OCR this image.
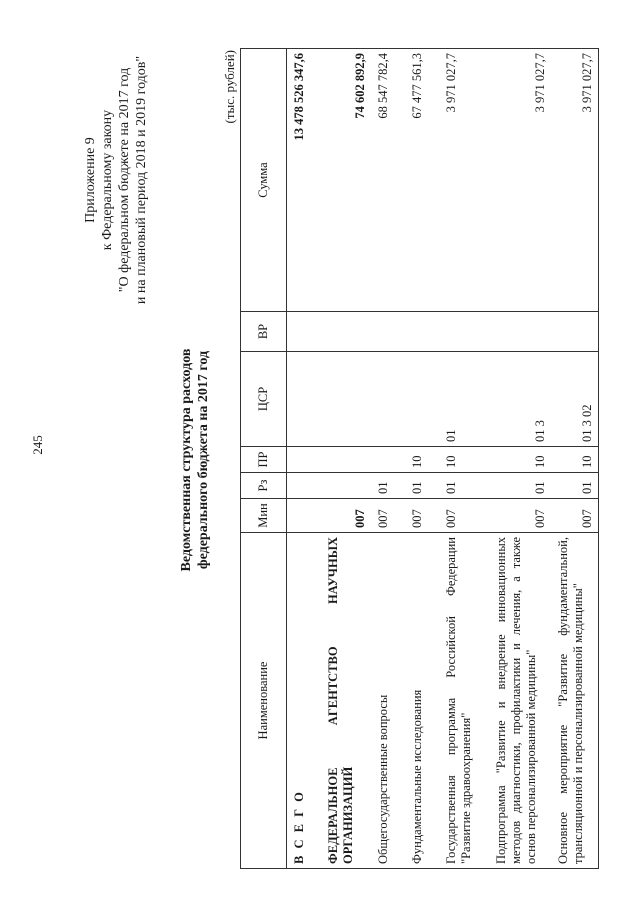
245
Приложение 9 к Федеральному закону "О федеральном бюджете на 2017 год и на плановый период 2018 и 2019 годов"
Ведомственная структура расходов федерального бюджета на 2017 год
(тыс. рублей)
Наименование	Мин	Рз	ПР	ЦСР	ВР	Сумма
В С Е Г О						13 478 526 347,6
ФЕДЕРАЛЬНОЕ АГЕНТСТВО НАУЧНЫХ ОРГАНИЗАЦИЙ	007					74 602 892,9
Общегосударственные вопросы	007	01				68 547 782,4
Фундаментальные исследования	007	01	10			67 477 561,3
Государственная программа Российской Федерации "Развитие здравоохранения"	007	01	10	01		3 971 027,7
Подпрограмма "Развитие и внедрение инновационных методов диагностики, профилактики и лечения, а также основ персонализированной медицины"	007	01	10	01 3		3 971 027,7
Основное мероприятие "Развитие фундаментальной, трансляционной и персонализированной медицины"	007	01	10	01 3 02		3 971 027,7
